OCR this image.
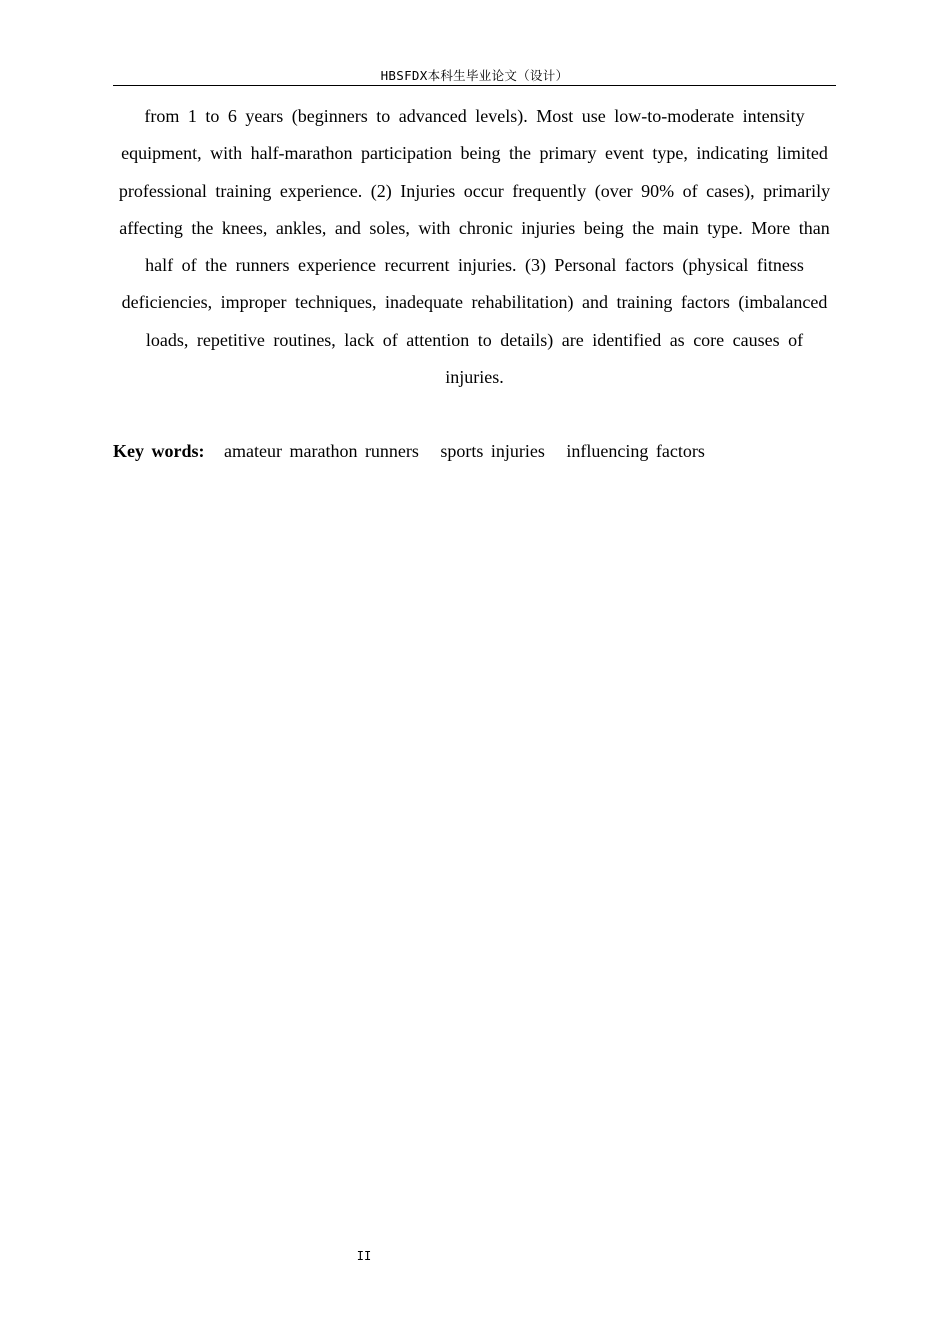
HBSFDX本科生毕业论文（设计）

from 1 to 6 years (beginners to advanced levels). Most use low-to-moderate intensity equipment, with half-marathon participation being the primary event type, indicating limited professional training experience. (2) Injuries occur frequently (over 90% of cases), primarily affecting the knees, ankles, and soles, with chronic injuries being the main type. More than half of the runners experience recurrent injuries. (3) Personal factors (physical fitness deficiencies, improper techniques, inadequate rehabilitation) and training factors (imbalanced loads, repetitive routines, lack of attention to details) are identified as core causes of injuries.

Key words: amateur marathon runners sports injuries influencing factors

II
